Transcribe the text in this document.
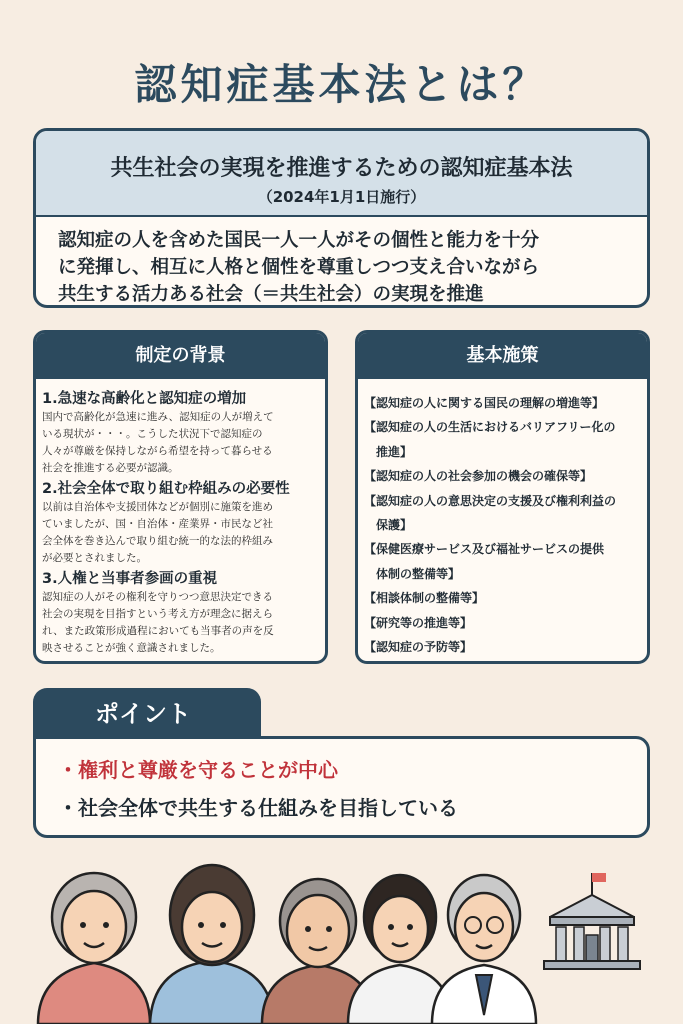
認知症基本法とは？
共生社会の実現を推進するための認知症基本法
（2024年1月1日施行）
認知症の人を含めた国民一人一人がその個性と能力を十分
に発揮し、相互に人格と個性を尊重しつつ支え合いながら
共生する活力ある社会（＝共生社会）の実現を推進
制定の背景
1.急速な高齢化と認知症の増加
国内で高齢化が急速に進み、認知症の人が増えて
いる現状が・・・。こうした状況下で認知症の
人々が尊厳を保持しながら希望を持って暮らせる
社会を推進する必要が認識。
2.社会全体で取り組む枠組みの必要性
以前は自治体や支援団体などが個別に施策を進め
ていましたが、国・自治体・産業界・市民など社
会全体を巻き込んで取り組む統一的な法的枠組み
が必要とされました。
3.人権と当事者参画の重視
認知症の人がその権利を守りつつ意思決定できる
社会の実現を目指すという考え方が理念に据えら
れ、また政策形成過程においても当事者の声を反
映させることが強く意識されました。
基本施策
【認知症の人に関する国民の理解の増進等】
【認知症の人の生活におけるバリアフリー化の
　推進】
【認知症の人の社会参加の機会の確保等】
【認知症の人の意思決定の支援及び権利利益の
　保護】
【保健医療サービス及び福祉サービスの提供
　体制の整備等】
【相談体制の整備等】
【研究等の推進等】
【認知症の予防等】
ポイント
・権利と尊厳を守ることが中心
・社会全体で共生する仕組みを目指している
